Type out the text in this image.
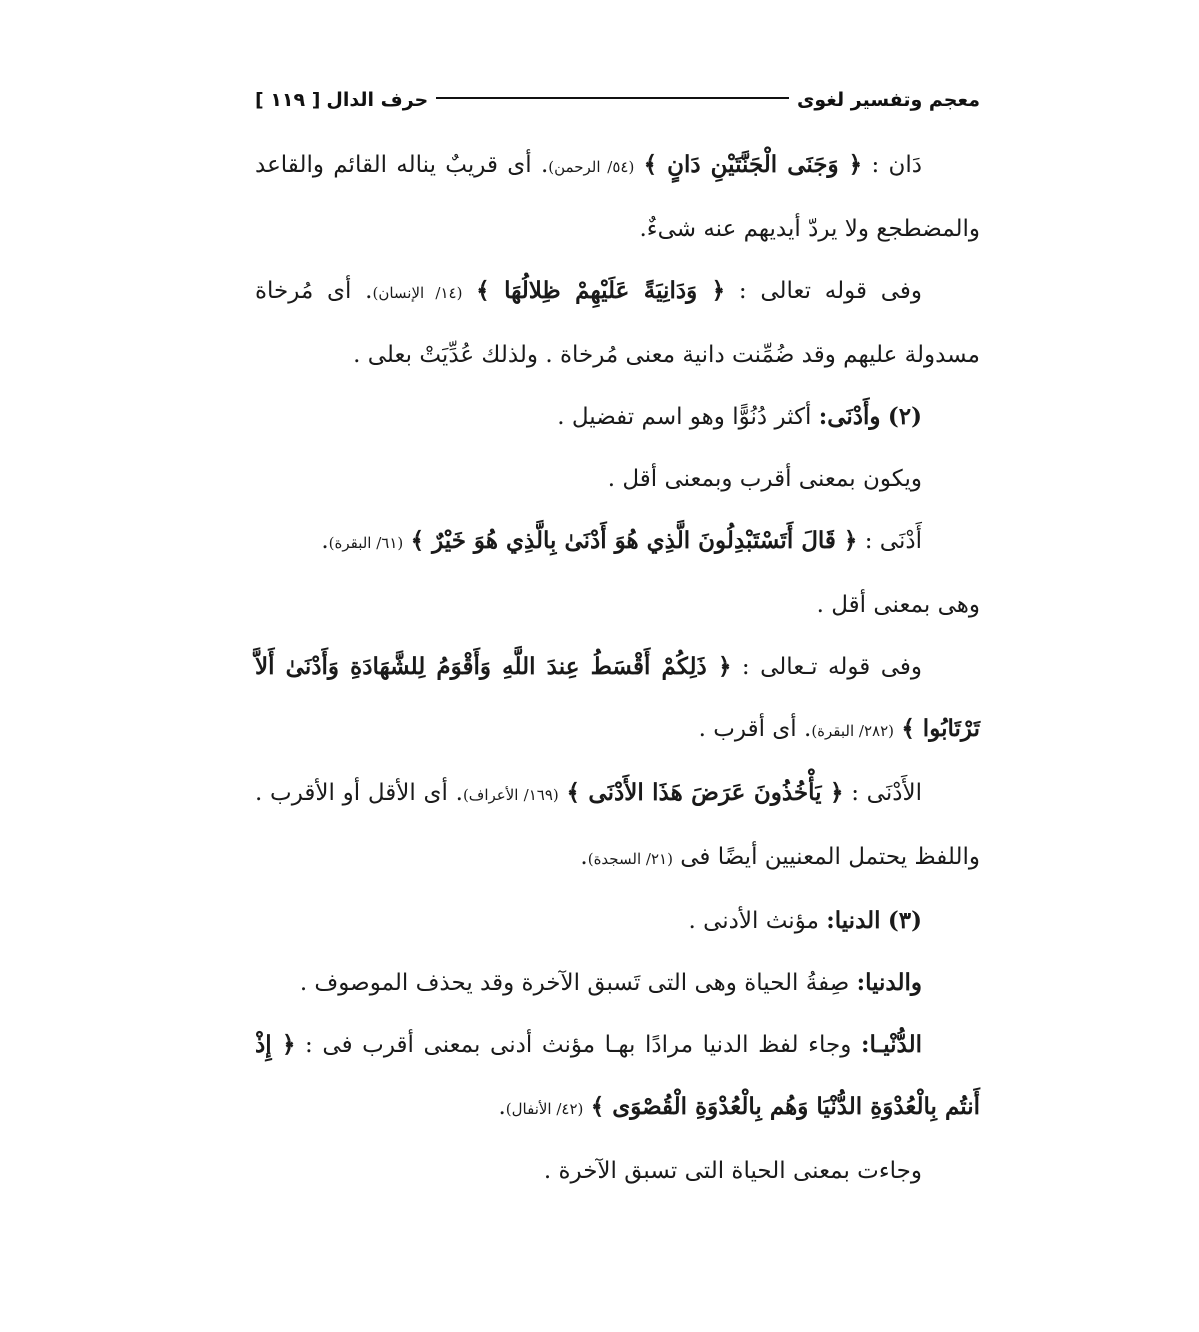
معجم وتفسير لغوى
حرف الدال
[ ١١٩ ]

دَان : ﴿ وَجَنَى الْجَنَّتَيْنِ دَانٍ ﴾ (٥٤/ الرحمن). أى قريبٌ يناله القائم والقاعد والمضطجع ولا يردّ أيديهم عنه شىءٌ.

وفى قوله تعالى : ﴿ وَدَانِيَةً عَلَيْهِمْ ظِلالُهَا ﴾ (١٤/ الإنسان). أى مُرخاة مسدولة عليهم وقد ضُمِّنت دانية معنى مُرخاة . ولذلك عُدِّيَتْ بعلى .

(٢) وأَدْنَى: أكثر دُنُوًّا وهو اسم تفضيل .

ويكون بمعنى أقرب وبمعنى أقل .

أَدْنَى : ﴿ قَالَ أَتَسْتَبْدِلُونَ الَّذِي هُوَ أَدْنَىٰ بِالَّذِي هُوَ خَيْرٌ ﴾ (٦١/ البقرة).

وهى بمعنى أقل .

وفى قوله تـعالى : ﴿ ذَلِكُمْ أَقْسَطُ عِندَ اللَّهِ وَأَقْوَمُ لِلشَّهَادَةِ وَأَدْنَىٰ أَلاَّ تَرْتَابُوا ﴾ (٢٨٢/ البقرة). أى أقرب .

الأَدْنَى : ﴿ يَأْخُذُونَ عَرَضَ هَذَا الأَدْنَى ﴾ (١٦٩/ الأعراف). أى الأقل أو الأقرب . واللفظ يحتمل المعنيين أيضًا فى (٢١/ السجدة).

(٣) الدنيا: مؤنث الأدنى .

والدنيا: صِفةُ الحياة وهى التى تَسبق الآخرة وقد يحذف الموصوف .

الدُّنْيـا: وجاء لفظ الدنيا مرادًا بهـا مؤنث أدنى بمعنى أقرب فى : ﴿ إِذْ أَنتُم بِالْعُدْوَةِ الدُّنْيَا وَهُم بِالْعُدْوَةِ الْقُصْوَى ﴾ (٤٢/ الأنفال).

وجاءت بمعنى الحياة التى تسبق الآخرة .
